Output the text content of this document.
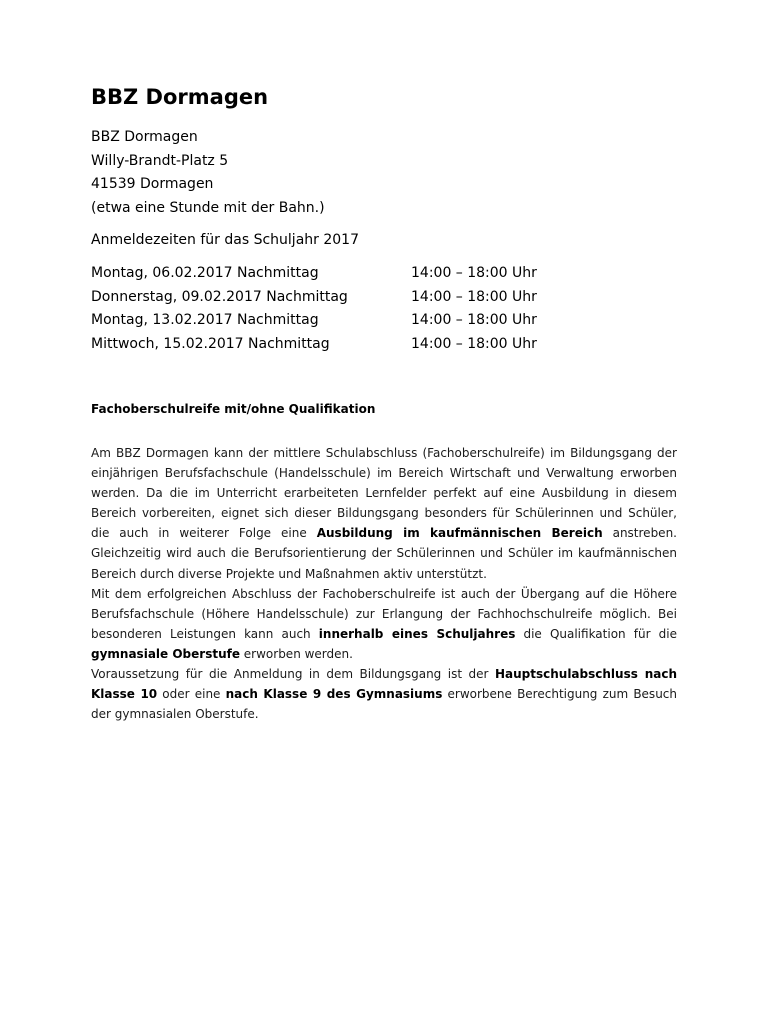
BBZ Dormagen
BBZ Dormagen
Willy-Brandt-Platz 5
41539 Dormagen
(etwa eine Stunde mit der Bahn.)
Anmeldezeiten für das Schuljahr 2017
Montag, 06.02.2017 Nachmittag	14:00 – 18:00 Uhr
Donnerstag, 09.02.2017 Nachmittag	14:00 – 18:00 Uhr
Montag, 13.02.2017 Nachmittag	14:00 – 18:00 Uhr
Mittwoch, 15.02.2017 Nachmittag	14:00 – 18:00 Uhr
Fachoberschulreife mit/ohne Qualifikation

Am BBZ Dormagen kann der mittlere Schulabschluss (Fachoberschulreife) im Bildungsgang der einjährigen Berufsfachschule (Handelsschule) im Bereich Wirtschaft und Verwaltung erworben werden. Da die im Unterricht erarbeiteten Lernfelder perfekt auf eine Ausbildung in diesem Bereich vorbereiten, eignet sich dieser Bildungsgang besonders für Schülerinnen und Schüler, die auch in weiterer Folge eine Ausbildung im kaufmännischen Bereich anstreben. Gleichzeitig wird auch die Berufsorientierung der Schülerinnen und Schüler im kaufmännischen Bereich durch diverse Projekte und Maßnahmen aktiv unterstützt.

Mit dem erfolgreichen Abschluss der Fachoberschulreife ist auch der Übergang auf die Höhere Berufsfachschule (Höhere Handelsschule) zur Erlangung der Fachhochschulreife möglich. Bei besonderen Leistungen kann auch innerhalb eines Schuljahres die Qualifikation für die gymnasiale Oberstufe erworben werden.

Voraussetzung für die Anmeldung in dem Bildungsgang ist der Hauptschulabschluss nach Klasse 10 oder eine nach Klasse 9 des Gymnasiums erworbene Berechtigung zum Besuch der gymnasialen Oberstufe.
